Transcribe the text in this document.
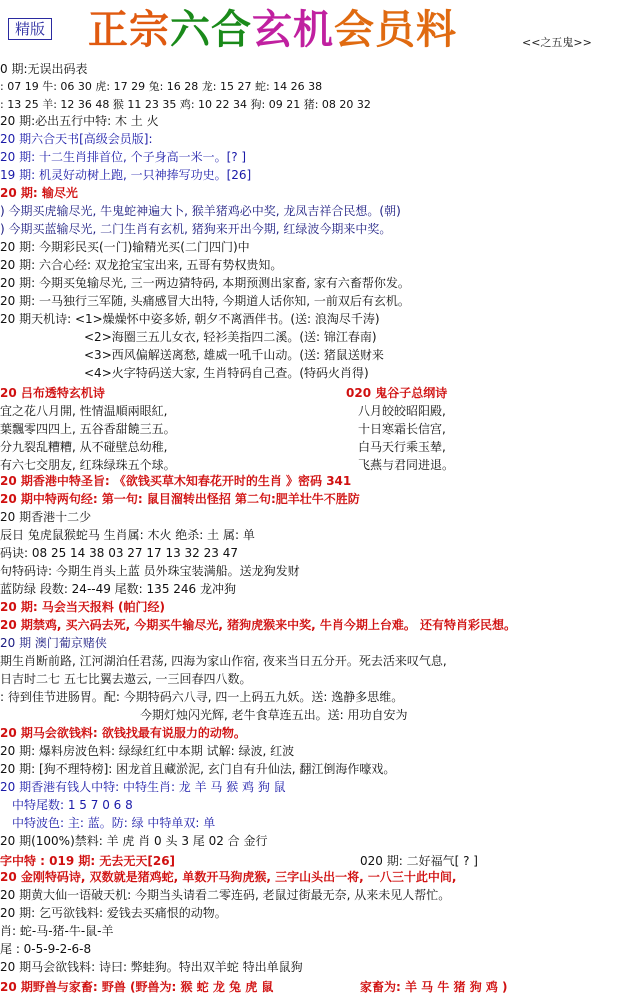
精版 正宗六合玄机会员料	<<之五鬼>>
0 期:无误出码表
: 07 19 牛: 06 30 虎: 17 29 兔: 16 28 龙: 15 27 蛇: 14 26 38
: 13 25 羊: 12 36 48 猴 11 23 35 鸡: 10 22 34 狗: 09 21 猪: 08 20 32
20 期:必出五行中特: 木 土 火
20 期六合天书[高级会员版]:
20 期: 十二生肖排首位, 个子身高一米一。[? ]
19 期: 机灵好动树上跑, 一只神捧写功史。[26]
20 期: 输尽光
) 今期买虎输尽光, 牛鬼蛇神遍大卜, 猴羊猪鸡必中奖, 龙凤吉祥合民想。(朝)
) 今期买蓝输尽光, 二门生肖有玄机, 猪狗来开出今期, 红绿波今期来中奖。
20 期: 今期彩民买(一门)输精光买(二门四门)中
20 期: 六合心经: 双龙抢宝宝出来, 五哥有势权贵知。
20 期: 今期买兔输尽光, 三一两边猜特码, 本期预测出家畜, 家有六畜帮你发。
20 期: 一马独行三军随, 头痛感冒大出特, 今期道人话你知, 一前双后有玄机。
20 期天机诗: <1>燥燥怀中姿多娇, 朝夕不离酒伴书。(送: 浪淘尽千涛)
<2>海圈三五儿女衣, 轻衫美指四二溪。(送: 锦江春南)
<3>西风偏解送离愁, 雄威一吼千山动。(送: 猪鼠送财来
<4>火字特码送大家, 生肖特码自己查。(特码火肖得)
20 吕布透特玄机诗	020 鬼谷子总纲诗
宜之花八月開, 性情温順兩眼紅,	八月皎皎昭阳殿,
葉飄零四四上, 五谷香甜饒三五。	十日寒霜长信宫,
分九裂乱糟糟, 从不碰壁总幼稚,	白马天行乘玉辇,
有六七交朋友, 红珠绿珠五个球。	飞燕与君同进退。
20 期香港中特圣旨: 《欲钱买草木知春花开时的生肖 》密码 341
20 期中特两句经: 第一句: 鼠目溜转出怪招 第二句:肥羊壮牛不胜防
20 期香港十二少
辰日 兔虎鼠猴蛇马 生肖属: 木火 绝杀: 土 属: 单
码诀: 08 25 14 38 03 27 17 13 32 23 47
句特码诗: 今期生肖头上蓝 员外珠宝装满船。送龙狗发财
蓝防绿 段数: 24--49 尾数: 135 246 龙冲狗
20 期: 马会当天报料 (帕门经)
20 期禁鸡, 买六码去死, 今期买牛输尽光, 猪狗虎猴来中奖, 牛肖今期上台难。 还有特肖彩民想。
20 期 澳门葡京赌侠
期生肖断前路, 江河湖泊任君荡, 四海为家山作宿, 夜来当日五分开。死去活来叹气息,
日吉时二七 五七比翼去遨云, 一三回春四八数。
: 待到佳节进肠胃。配: 今期特码六八寻, 四一上码五九妖。送: 逸静多思维。
今期灯烛闪光辉, 老牛食草连五出。送: 用功自安为
20 期马会欲钱料: 欲钱找最有说服力的动物。
20 期: 爆料房波色料: 绿绿红红中本期 试解: 绿波, 红波
20 期: [狗不理特榜]: 困龙首且藏淤泥, 玄门自有升仙法, 翻江倒海作嚎戏。
20 期香港有钱人中特: 中特生肖: 龙 羊 马 猴 鸡 狗 鼠
中特尾数: 1 5 7 0 6 8
中特波色: 主: 蓝。防: 绿 中特单双: 单
20 期(100%)禁料: 羊 虎 肖 0 头 3 尾 02 合 金行
字中特 : 019 期: 无去无天[26]	020 期: 二好福气[ ? ]
20 金刚特码诗, 双数就是猪鸡蛇, 单数开马狗虎猴, 三字山头出一将, 一八三十此中间,
20 期黄大仙一语破天机: 今期当头请看二零连码, 老鼠过街最无奈, 从来未见人帮忙。
20 期: 乞丐欲钱料: 爱钱去买痛恨的动物。
肖: 蛇-马-猪-牛-鼠-羊
尾 : 0-5-9-2-6-8
20 期马会欲钱料: 诗曰: 弊蛙狗。特出双羊蛇 特出单鼠狗
20 期野兽与家畜: 野兽 (野兽为: 猴 蛇 龙 兔 虎 鼠	家畜为: 羊 马 牛 猪 狗 鸡 )
